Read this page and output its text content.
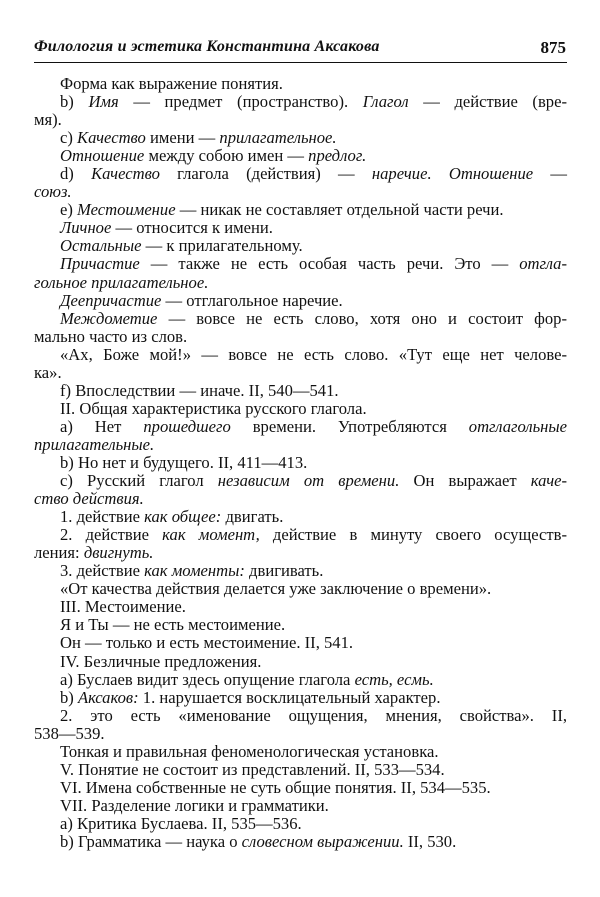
Филология и эстетика Константина Аксакова	875
Форма как выражение понятия.
b) Имя — предмет (пространство). Глагол — действие (вре-
мя).
c) Качество имени — прилагательное.
Отношение между собою имен — предлог.
d) Качество глагола (действия) — наречие. Отношение —
союз.
e) Местоимение — никак не составляет отдельной части речи.
Личное — относится к имени.
Остальные — к прилагательному.
Причастие — также не есть особая часть речи. Это — отгла-
гольное прилагательное.
Деепричастие — отглагольное наречие.
Междометие — вовсе не есть слово, хотя оно и состоит фор-
мально часто из слов.
«Ах, Боже мой!» — вовсе не есть слово. «Тут еще нет челове-
ка».
f) Впоследствии — иначе. II, 540—541.
II. Общая характеристика русского глагола.
a) Нет прошедшего времени. Употребляются отглагольные
прилагательные.
b) Но нет и будущего. II, 411—413.
c) Русский глагол независим от времени. Он выражает каче-
ство действия.
1. действие как общее: двигать.
2. действие как момент, действие в минуту своего осуществ-
ления: двигнуть.
3. действие как моменты: двигивать.
«От качества действия делается уже заключение о времени».
III. Местоимение.
Я и Ты — не есть местоимение.
Он — только и есть местоимение. II, 541.
IV. Безличные предложения.
a) Буслаев видит здесь опущение глагола есть, есмь.
b) Аксаков: 1. нарушается восклицательный характер.
2. это есть «именование ощущения, мнения, свойства». II,
538—539.
Тонкая и правильная феноменологическая установка.
V. Понятие не состоит из представлений. II, 533—534.
VI. Имена собственные не суть общие понятия. II, 534—535.
VII. Разделение логики и грамматики.
a) Критика Буслаева. II, 535—536.
b) Грамматика — наука о словесном выражении. II, 530.
